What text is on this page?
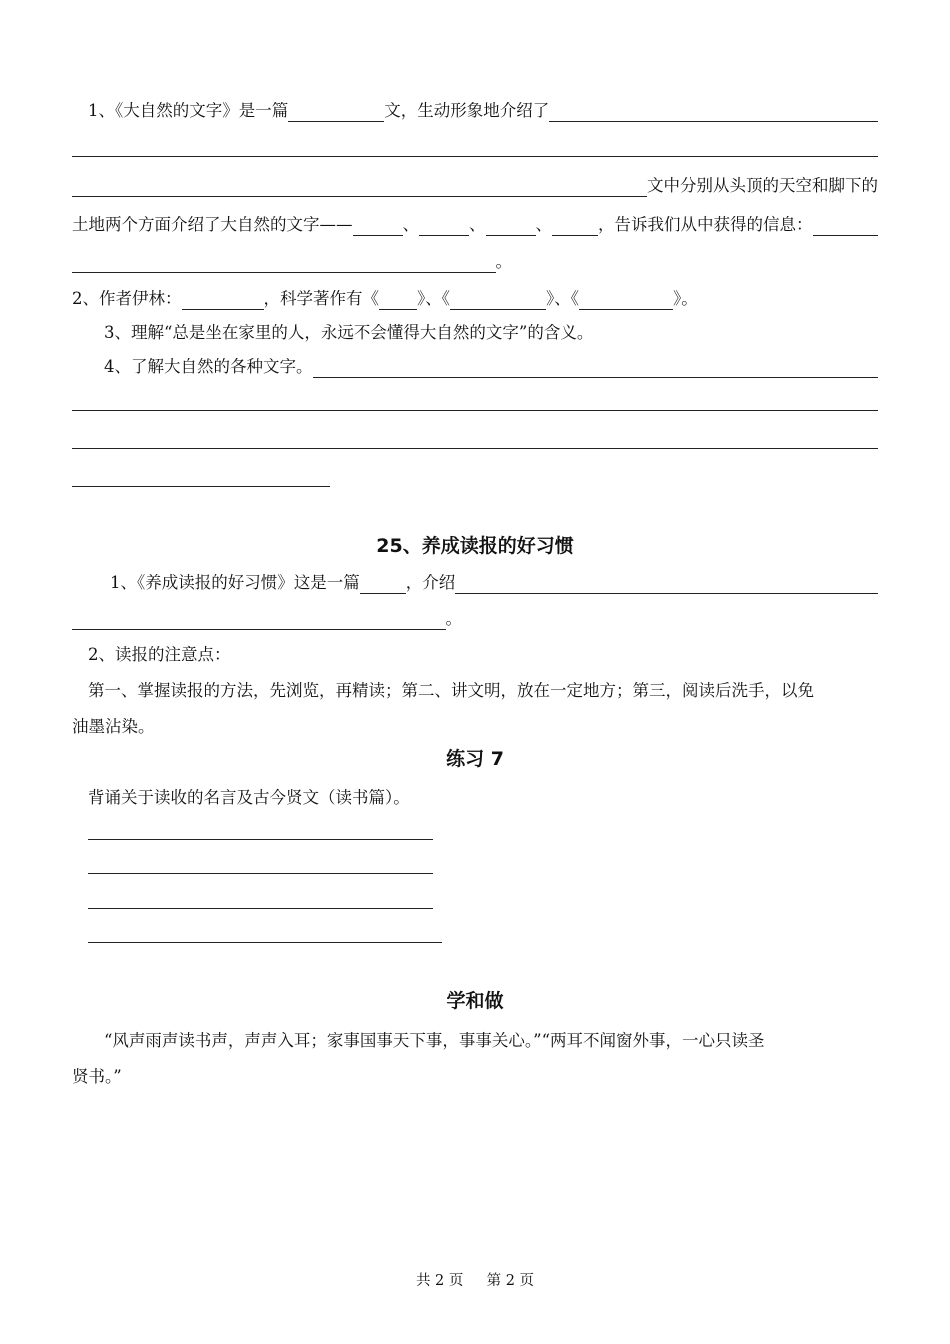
1、《大自然的文字》是一篇	文，生动形象地介绍了
文中分别从头顶的天空和脚下的
土地两个方面介绍了大自然的文字——	、	、	、	，告诉我们从中获得的信息：
。
2、作者伊林：	，科学著作有《 》、《	》、《	》。
3、理解“总是坐在家里的人，永远不会懂得大自然的文字”的含义。
4、了解大自然的各种文字。
25、养成读报的好习惯
1、《养成读报的好习惯》这是一篇	，介绍
。
2、读报的注意点：
第一、掌握读报的方法，先浏览，再精读；第二、讲文明，放在一定地方；第三，阅读后洗手，以免
油墨沾染。
练习 7
背诵关于读收的名言及古今贤文（读书篇）。
学和做
“风声雨声读书声，声声入耳；家事国事天下事，事事关心。”“两耳不闻窗外事，一心只读圣
贤书。”
共 2 页 第 2 页
